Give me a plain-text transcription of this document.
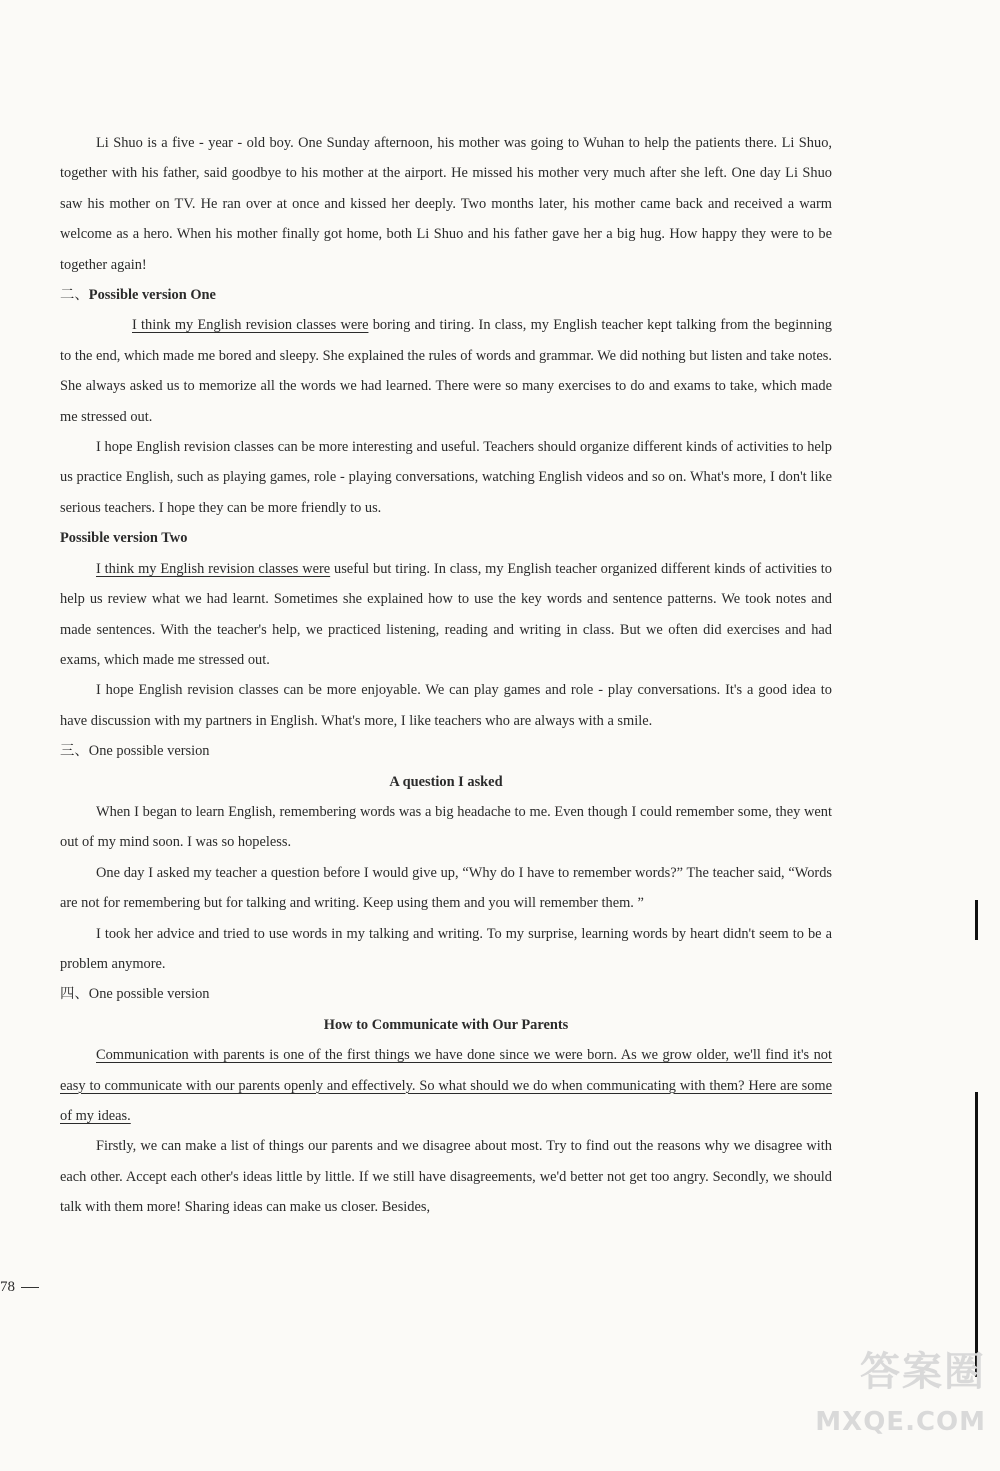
Li Shuo is a five - year - old boy. One Sunday afternoon, his mother was going to Wuhan to help the patients there. Li Shuo, together with his father, said goodbye to his mother at the airport. He missed his mother very much after she left. One day Li Shuo saw his mother on TV. He ran over at once and kissed her deeply. Two months later, his mother came back and received a warm welcome as a hero. When his mother finally got home, both Li Shuo and his father gave her a big hug. How happy they were to be together again!

二、Possible version One

I think my English revision classes were boring and tiring. In class, my English teacher kept talking from the beginning to the end, which made me bored and sleepy. She explained the rules of words and grammar. We did nothing but listen and take notes. She always asked us to memorize all the words we had learned. There were so many exercises to do and exams to take, which made me stressed out.

I hope English revision classes can be more interesting and useful. Teachers should organize different kinds of activities to help us practice English, such as playing games, role - playing conversations, watching English videos and so on. What's more, I don't like serious teachers. I hope they can be more friendly to us.

Possible version Two

I think my English revision classes were useful but tiring. In class, my English teacher organized different kinds of activities to help us review what we had learnt. Sometimes she explained how to use the key words and sentence patterns. We took notes and made sentences. With the teacher's help, we practiced listening, reading and writing in class. But we often did exercises and had exams, which made me stressed out.

I hope English revision classes can be more enjoyable. We can play games and role - play conversations. It's a good idea to have discussion with my partners in English. What's more, I like teachers who are always with a smile.

三、One possible version
A question I asked

When I began to learn English, remembering words was a big headache to me. Even though I could remember some, they went out of my mind soon. I was so hopeless.

One day I asked my teacher a question before I would give up, “Why do I have to remember words?” The teacher said, “Words are not for remembering but for talking and writing. Keep using them and you will remember them. ”

I took her advice and tried to use words in my talking and writing. To my surprise, learning words by heart didn't seem to be a problem anymore.

四、One possible version
How to Communicate with Our Parents

Communication with parents is one of the first things we have done since we were born. As we grow older, we'll find it's not easy to communicate with our parents openly and effectively. So what should we do when communicating with them? Here are some of my ideas.

Firstly, we can make a list of things our parents and we disagree about most. Try to find out the reasons why we disagree with each other. Accept each other's ideas little by little. If we still have disagreements, we'd better not get too angry. Secondly, we should talk with them more! Sharing ideas can make us closer. Besides,

78
答案圈
MXQE.COM
